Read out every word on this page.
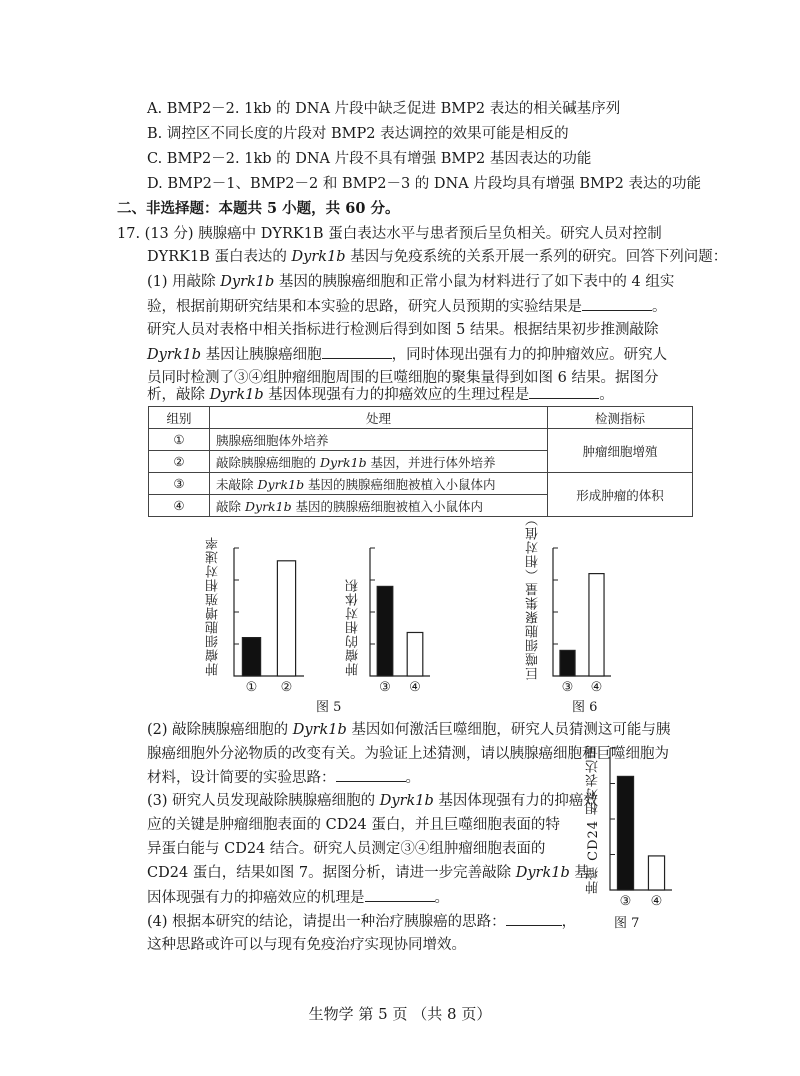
A. BMP2－2. 1kb 的 DNA 片段中缺乏促进 BMP2 表达的相关碱基序列
B. 调控区不同长度的片段对 BMP2 表达调控的效果可能是相反的
C. BMP2－2. 1kb 的 DNA 片段不具有增强 BMP2 基因表达的功能
D. BMP2－1、BMP2－2 和 BMP2－3 的 DNA 片段均具有增强 BMP2 表达的功能
二、非选择题：本题共 5 小题，共 60 分。
17. (13 分) 胰腺癌中 DYRK1B 蛋白表达水平与患者预后呈负相关。研究人员对控制
DYRK1B 蛋白表达的 Dyrk1b 基因与免疫系统的关系开展一系列的研究。回答下列问题：
(1) 用敲除 Dyrk1b 基因的胰腺癌细胞和正常小鼠为材料进行了如下表中的 4 组实
验，根据前期研究结果和本实验的思路，研究人员预期的实验结果是	。
研究人员对表格中相关指标进行检测后得到如图 5 结果。根据结果初步推测敲除
Dyrk1b 基因让胰腺癌细胞	，同时体现出强有力的抑肿瘤效应。研究人
员同时检测了③④组肿瘤细胞周围的巨噬细胞的聚集量得到如图 6 结果。据图分
析，敲除 Dyrk1b 基因体现强有力的抑癌效应的生理过程是	。
组别	处理	检测指标
①	胰腺癌细胞体外培养	肿瘤细胞增殖
②	敲除胰腺癌细胞的 Dyrk1b 基因，并进行体外培养	
③	未敲除 Dyrk1b 基因的胰腺癌细胞被植入小鼠体内	形成肿瘤的体积
④	敲除 Dyrk1b 基因的胰腺癌细胞被植入小鼠体内	
肿瘤细胞增殖相对速率	肿瘤的相对体积	巨噬细胞聚集量（相对值）
肿瘤 CD24 相对表达量
图 5	图 6
图 7
(2) 敲除胰腺癌细胞的 Dyrk1b 基因如何激活巨噬细胞，研究人员猜测这可能与胰
腺癌细胞外分泌物质的改变有关。为验证上述猜测，请以胰腺癌细胞和巨噬细胞为
材料，设计简要的实验思路：	。
(3) 研究人员发现敲除胰腺癌细胞的 Dyrk1b 基因体现强有力的抑癌效
应的关键是肿瘤细胞表面的 CD24 蛋白，并且巨噬细胞表面的特
异蛋白能与 CD24 结合。研究人员测定③④组肿瘤细胞表面的
CD24 蛋白，结果如图 7。据图分析，请进一步完善敲除 Dyrk1b 基
因体现强有力的抑癌效应的机理是	。
(4) 根据本研究的结论，请提出一种治疗胰腺癌的思路：	，
这种思路或许可以与现有免疫治疗实现协同增效。
生物学 第 5 页 （共 8 页）
①	②	③	④	③	④
③	④
